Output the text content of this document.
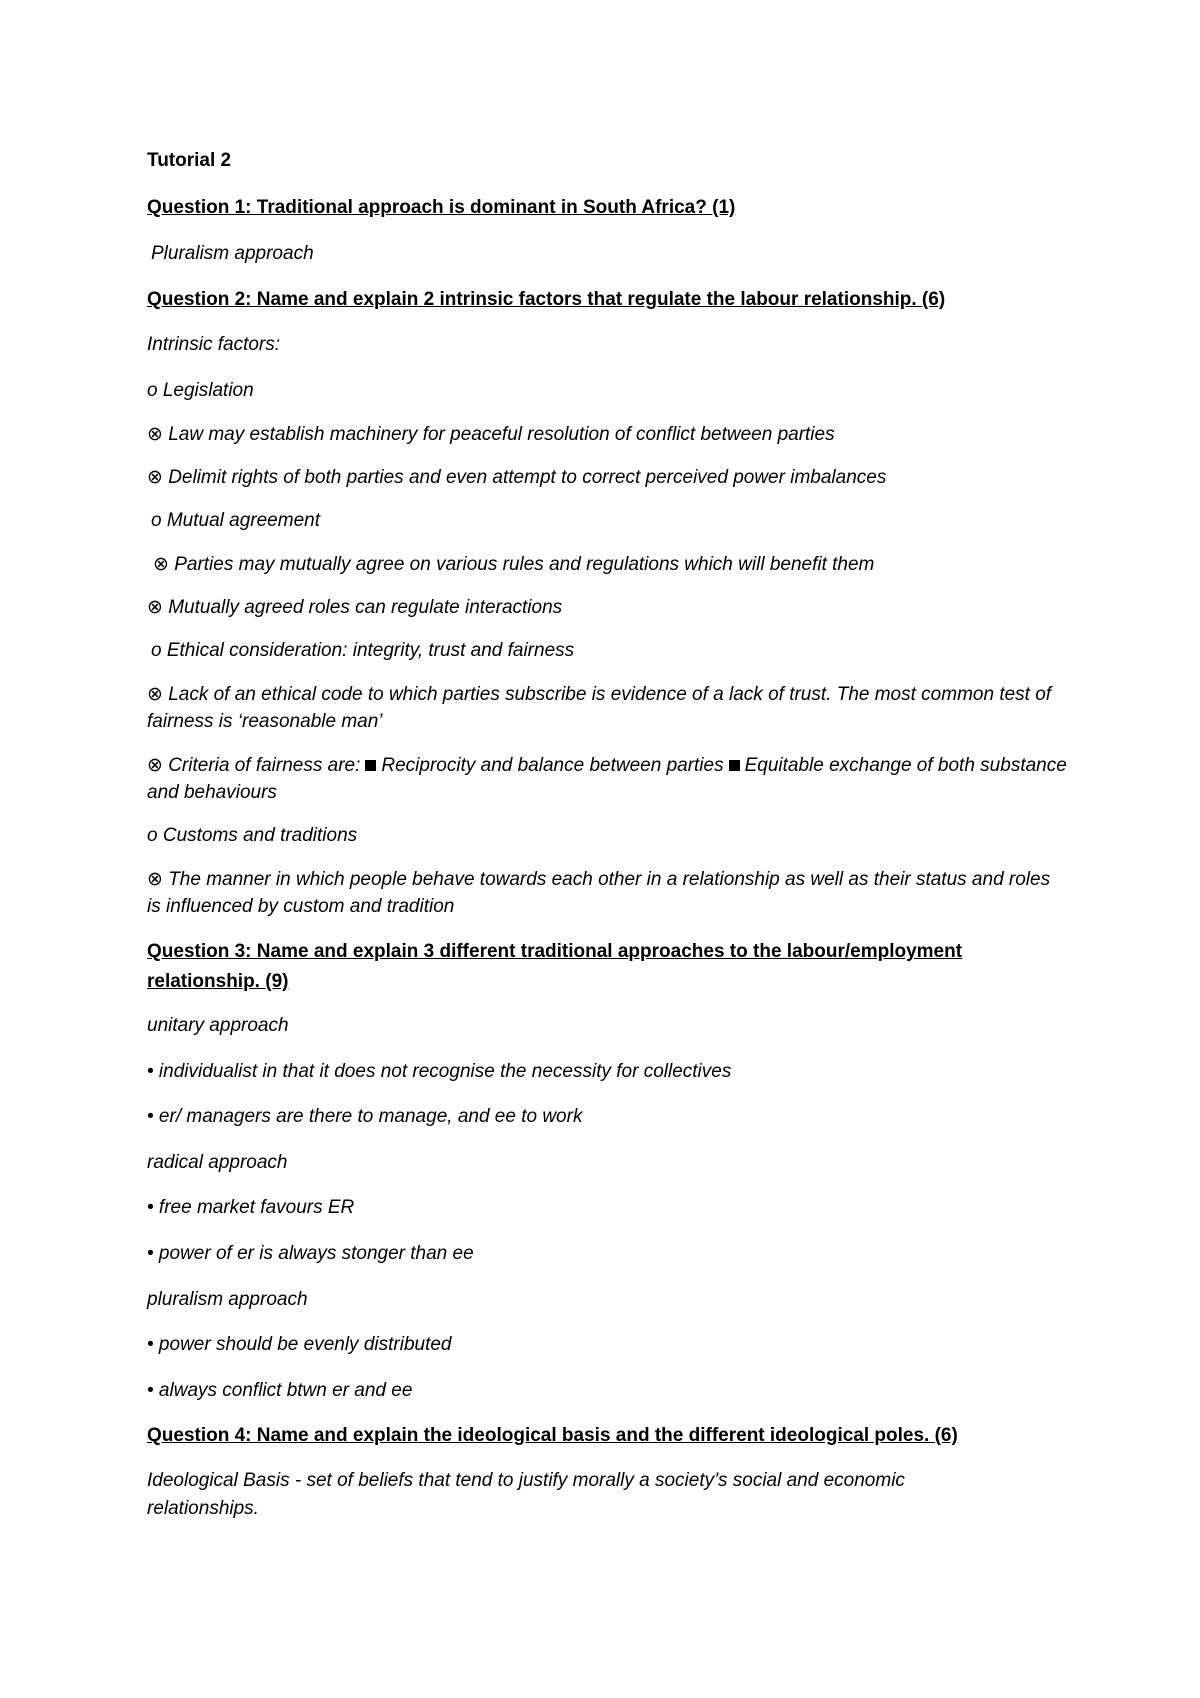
Tutorial 2
Question 1: Traditional approach is dominant in South Africa? (1)
Pluralism approach
Question 2: Name and explain 2 intrinsic factors that regulate the labour relationship. (6)
Intrinsic factors:
o Legislation
⊗ Law may establish machinery for peaceful resolution of conflict between parties
⊗ Delimit rights of both parties and even attempt to correct perceived power imbalances
o Mutual agreement
⊗ Parties may mutually agree on various rules and regulations which will benefit them
⊗ Mutually agreed roles can regulate interactions
o Ethical consideration: integrity, trust and fairness
⊗ Lack of an ethical code to which parties subscribe is evidence of a lack of trust. The most common test of fairness is ‘reasonable man’
⊗ Criteria of fairness are: Reciprocity and balance between parties Equitable exchange of both substance and behaviours
o Customs and traditions
⊗ The manner in which people behave towards each other in a relationship as well as their status and roles is influenced by custom and tradition
Question 3: Name and explain 3 different traditional approaches to the labour/employment relationship. (9)
unitary approach
• individualist in that it does not recognise the necessity for collectives
• er/ managers are there to manage, and ee to work
radical approach
• free market favours ER
• power of er is always stonger than ee
pluralism approach
• power should be evenly distributed
• always conflict btwn er and ee
Question 4: Name and explain the ideological basis and the different ideological poles. (6)
Ideological Basis - set of beliefs that tend to justify morally a society’s social and economic relationships.
